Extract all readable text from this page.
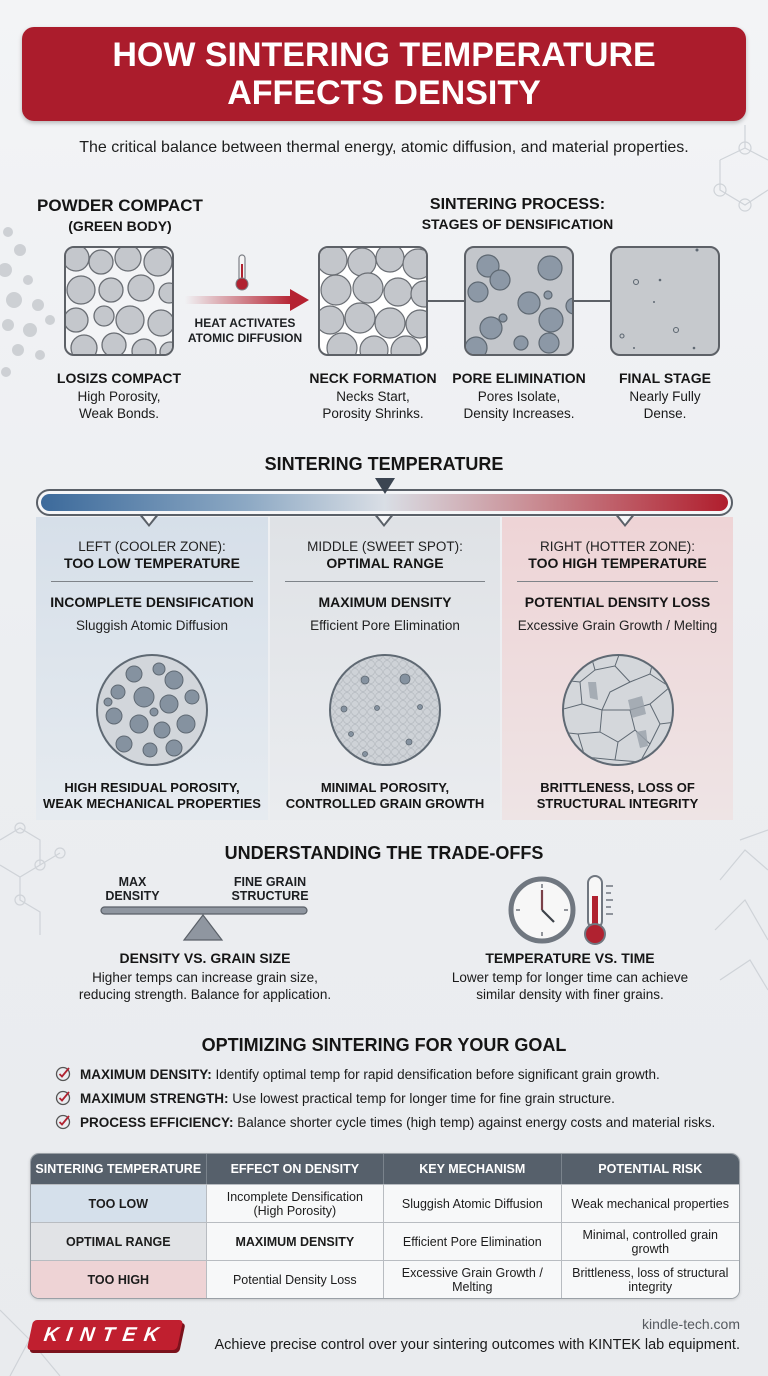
HOW SINTERING TEMPERATURE
AFFECTS DENSITY
The critical balance between thermal energy, atomic diffusion, and material properties.
POWDER COMPACT
(GREEN BODY)
LOSIZS COMPACT
High Porosity,
Weak Bonds.
HEAT ACTIVATES
ATOMIC DIFFUSION
SINTERING PROCESS:
STAGES OF DENSIFICATION
NECK FORMATION
Necks Start,
Porosity Shrinks.
PORE ELIMINATION
Pores Isolate,
Density Increases.
FINAL STAGE
Nearly Fully
Dense.
SINTERING TEMPERATURE
LEFT (COOLER ZONE):
TOO LOW TEMPERATURE
INCOMPLETE DENSIFICATION
Sluggish Atomic Diffusion
HIGH RESIDUAL POROSITY,
WEAK MECHANICAL PROPERTIES
MIDDLE (SWEET SPOT):
OPTIMAL RANGE
MAXIMUM DENSITY
Efficient Pore Elimination
MINIMAL POROSITY,
CONTROLLED GRAIN GROWTH
RIGHT (HOTTER ZONE):
TOO HIGH TEMPERATURE
POTENTIAL DENSITY LOSS
Excessive Grain Growth / Melting
BRITTLENESS, LOSS OF
STRUCTURAL INTEGRITY
UNDERSTANDING THE TRADE-OFFS
MAX
DENSITY
FINE GRAIN
STRUCTURE
DENSITY VS. GRAIN SIZE
Higher temps can increase grain size,
reducing strength. Balance for application.
TEMPERATURE VS. TIME
Lower temp for longer time can achieve
similar density with finer grains.
OPTIMIZING SINTERING FOR YOUR GOAL
MAXIMUM DENSITY: Identify optimal temp for rapid densification before significant grain growth.
MAXIMUM STRENGTH: Use lowest practical temp for longer time for fine grain structure.
PROCESS EFFICIENCY: Balance shorter cycle times (high temp) against energy costs and material risks.
SINTERING TEMPERATURE	EFFECT ON DENSITY	KEY MECHANISM	POTENTIAL RISK
TOO LOW	Incomplete Densification (High Porosity)	Sluggish Atomic Diffusion	Weak mechanical properties
OPTIMAL RANGE	MAXIMUM DENSITY	Efficient Pore Elimination	Minimal, controlled grain growth
TOO HIGH	Potential Density Loss	Excessive Grain Growth / Melting	Brittleness, loss of structural integrity
KINTEK	kindle-tech.com
Achieve precise control over your sintering outcomes with KINTEK lab equipment.
